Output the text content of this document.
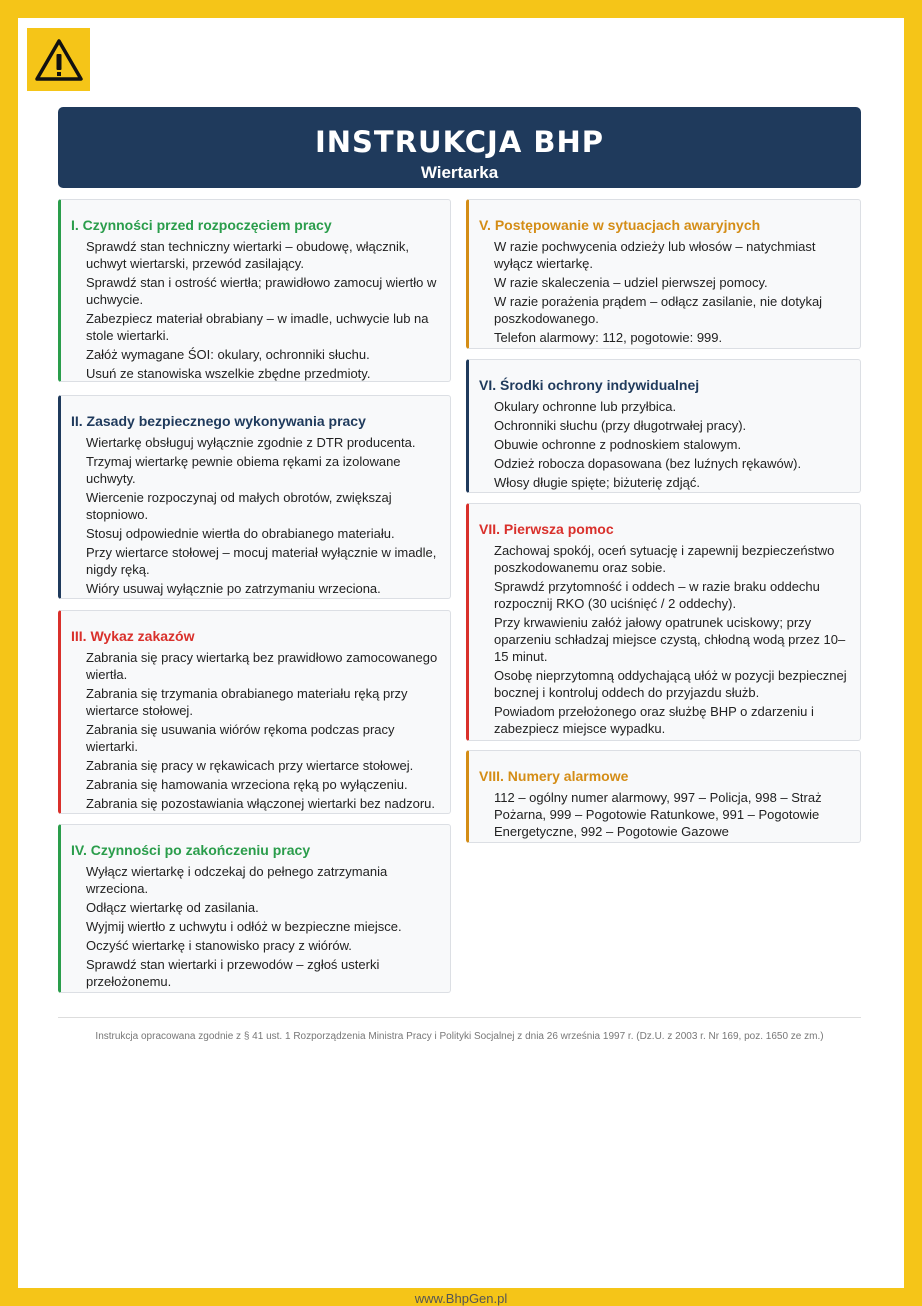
INSTRUKCJA BHP
Wiertarka
I. Czynności przed rozpoczęciem pracy
Sprawdź stan techniczny wiertarki – obudowę, włącznik, uchwyt wiertarski, przewód zasilający.
Sprawdź stan i ostrość wiertła; prawidłowo zamocuj wiertło w uchwycie.
Zabezpiecz materiał obrabiany – w imadle, uchwycie lub na stole wiertarki.
Załóż wymagane ŚOI: okulary, ochronniki słuchu.
Usuń ze stanowiska wszelkie zbędne przedmioty.
II. Zasady bezpiecznego wykonywania pracy
Wiertarkę obsługuj wyłącznie zgodnie z DTR producenta.
Trzymaj wiertarkę pewnie obiema rękami za izolowane uchwyty.
Wiercenie rozpoczynaj od małych obrotów, zwiększaj stopniowo.
Stosuj odpowiednie wiertła do obrabianego materiału.
Przy wiertarce stołowej – mocuj materiał wyłącznie w imadle, nigdy ręką.
Wióry usuwaj wyłącznie po zatrzymaniu wrzeciona.
III. Wykaz zakazów
Zabrania się pracy wiertarką bez prawidłowo zamocowanego wiertła.
Zabrania się trzymania obrabianego materiału ręką przy wiertarce stołowej.
Zabrania się usuwania wiórów rękoma podczas pracy wiertarki.
Zabrania się pracy w rękawicach przy wiertarce stołowej.
Zabrania się hamowania wrzeciona ręką po wyłączeniu.
Zabrania się pozostawiania włączonej wiertarki bez nadzoru.
IV. Czynności po zakończeniu pracy
Wyłącz wiertarkę i odczekaj do pełnego zatrzymania wrzeciona.
Odłącz wiertarkę od zasilania.
Wyjmij wiertło z uchwytu i odłóż w bezpieczne miejsce.
Oczyść wiertarkę i stanowisko pracy z wiórów.
Sprawdź stan wiertarki i przewodów – zgłoś usterki przełożonemu.
V. Postępowanie w sytuacjach awaryjnych
W razie pochwycenia odzieży lub włosów – natychmiast wyłącz wiertarkę.
W razie skaleczenia – udziel pierwszej pomocy.
W razie porażenia prądem – odłącz zasilanie, nie dotykaj poszkodowanego.
Telefon alarmowy: 112, pogotowie: 999.
VI. Środki ochrony indywidualnej
Okulary ochronne lub przyłbica.
Ochronniki słuchu (przy długotrwałej pracy).
Obuwie ochronne z podnoskiem stalowym.
Odzież robocza dopasowana (bez luźnych rękawów).
Włosy długie spięte; biżuterię zdjąć.
VII. Pierwsza pomoc
Zachowaj spokój, oceń sytuację i zapewnij bezpieczeństwo poszkodowanemu oraz sobie.
Sprawdź przytomność i oddech – w razie braku oddechu rozpocznij RKO (30 uciśnięć / 2 oddechy).
Przy krwawieniu załóż jałowy opatrunek uciskowy; przy oparzeniu schładzaj miejsce czystą, chłodną wodą przez 10–15 minut.
Osobę nieprzytomną oddychającą ułóż w pozycji bezpiecznej bocznej i kontroluj oddech do przyjazdu służb.
Powiadom przełożonego oraz służbę BHP o zdarzeniu i zabezpiecz miejsce wypadku.
VIII. Numery alarmowe
112 – ogólny numer alarmowy, 997 – Policja, 998 – Straż Pożarna, 999 – Pogotowie Ratunkowe, 991 – Pogotowie Energetyczne, 992 – Pogotowie Gazowe
Instrukcja opracowana zgodnie z § 41 ust. 1 Rozporządzenia Ministra Pracy i Polityki Socjalnej z dnia 26 września 1997 r. (Dz.U. z 2003 r. Nr 169, poz. 1650 ze zm.)
www.BhpGen.pl
